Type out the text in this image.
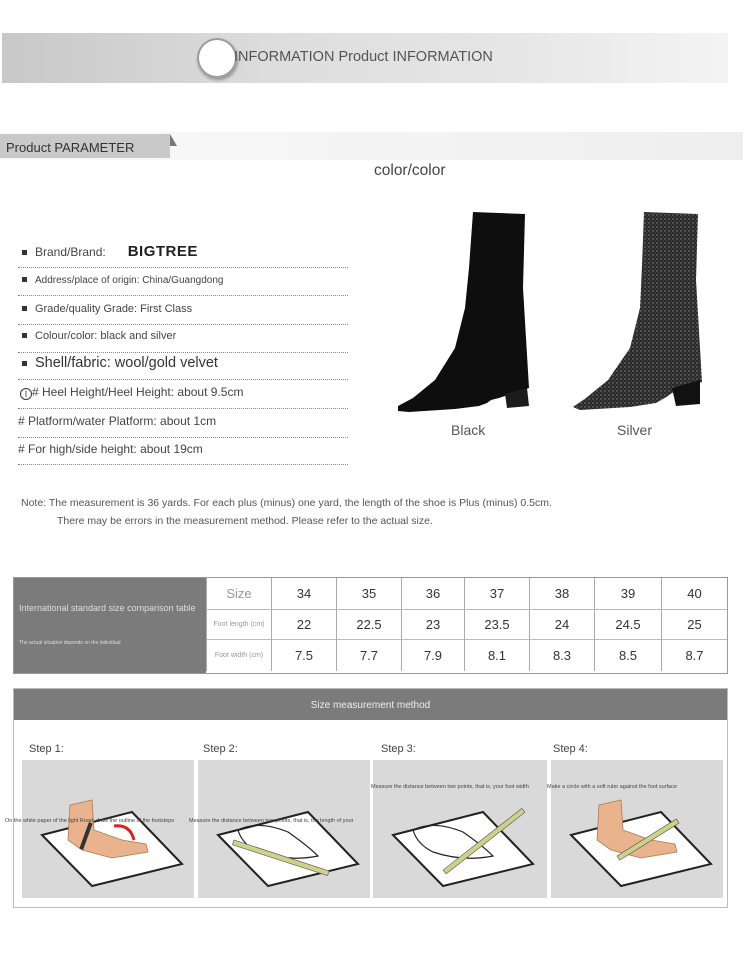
INFORMATION Product INFORMATION
Product PARAMETER
color/color
Brand/Brand: BIGTREE
Address/place of origin: China/Guangdong
Grade/quality Grade: First Class
Colour/color: black and silver
Shell/fabric: wool/gold velvet
I # Heel Height/Heel Height: about 9.5cm
# Platform/water Platform: about 1cm
# For high/side height: about 19cm
Black	Silver
Note: The measurement is 36 yards. For each plus (minus) one yard, the length of the shoe is Plus (minus) 0.5cm.
There may be errors in the measurement method. Please refer to the actual size.
International standard size comparison table
The actual situation depends on the individual
Size	34	35	36	37	38	39	40
Foot length (cm)	22	22.5	23	23.5	24	24.5	25
Foot width (cm)	7.5	7.7	7.9	8.1	8.3	8.5	8.7
Size measurement method
Step 1:	Step 2:	Step 3:	Step 4:
On the white paper of the light Road, draw the outline of the footsteps	Measure the distance between two points, that is, the length of your
Measure the distance between two points, that is, your foot width	Make a circle with a soft ruler against the foot surface
